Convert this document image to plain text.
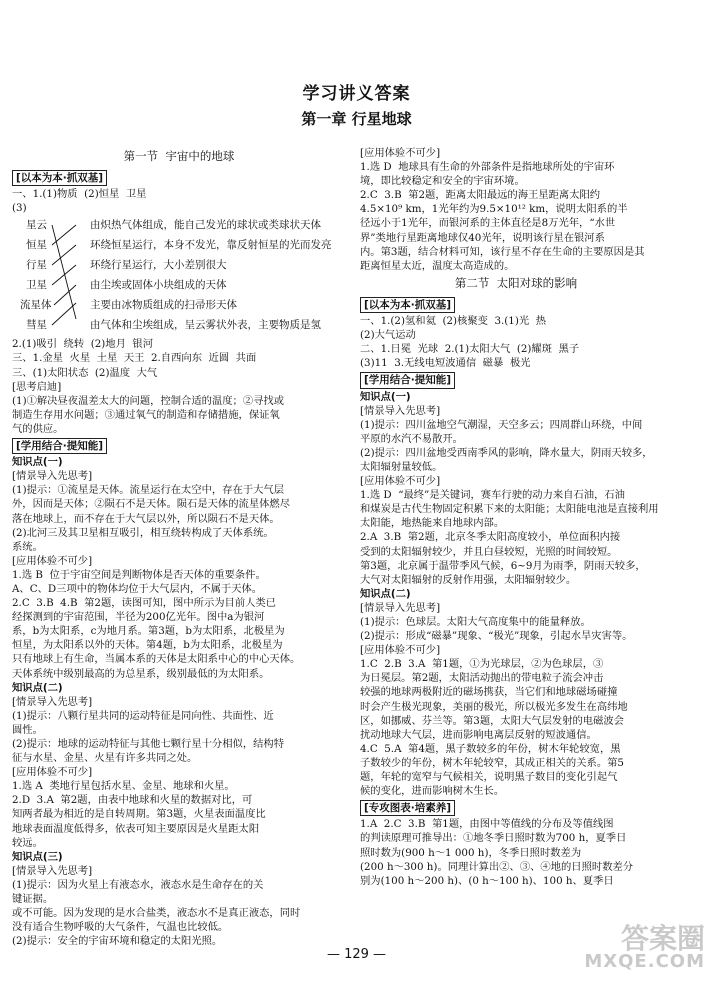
学习讲义答案
第一章 行星地球

第一节  宇宙中的地球

[以本为本·抓双基]

一、1.(1)物质  (2)恒星  卫星

(3)

星云
恒星
行星
卫星
流星体
彗星
由炽热气体组成，能自己发光的球状或类球状天体
环绕恒星运行，本身不发光，靠反射恒星的光而发亮
环绕行星运行，大小差别很大
由尘埃或固体小块组成的天体
主要由冰物质组成的扫帚形天体
由气体和尘埃组成，呈云雾状外表，主要物质是氢

2.(1)吸引  绕转  (2)地月  银河

三、1.金星  火星  土星  天王  2.自西向东  近圆  共面

三、(1)太阳状态  (2)温度  大气

[思考启迪]

(1)①解决昼夜温差太大的问题，控制合适的温度；②寻找或

制造生存用水问题；③通过氧气的制造和存储措施，保证氧

气的供应。

[学用结合·提知能]

知识点(一)

[情景导入先思考]

(1)提示：①流星是天体。流星运行在太空中，存在于大气层

外，因而是天体；②陨石不是天体。陨石是天体的流星体燃尽

落在地球上，而不存在于大气层以外，所以陨石不是天体。

(2)北河三及其卫星相互吸引，相互绕转构成了天体系统。

系统。

[应用体验不可少]

1.选 B  位于宇宙空间是判断物体是否天体的重要条件。

A、C、D三项中的物体均位于大气层内，不属于天体。

2.C  3.B  4.B  第2题，读图可知，图中所示为目前人类已

经探测到的宇宙范围，半径为200亿光年。图中a为银河

系，b为太阳系，c为地月系。第3题，b为太阳系，北极星为

恒星，为太阳系以外的天体。第4题，b为太阳系，北极星为

只有地球上有生命，当属本系的天体是太阳系中心的中心天体。

天体系统中级别最高的为总星系，级别最低的为太阳系。

知识点(二)

[情景导入先思考]

(1)提示：八颗行星共同的运动特征是同向性、共面性、近

圆性。

(2)提示：地球的运动特征与其他七颗行星十分相似，结构特

征与水星、金星、火星有许多共同之处。

[应用体验不可少]

1.选 A  类地行星包括水星、金星、地球和火星。

2.D  3.A  第2题，由表中地球和火星的数据对比，可

知两者最为相近的是自转周期。第3题，火星表面温度比

地球表面温度低得多，依表可知主要原因是火星距太阳

较远。

知识点(三)

[情景导入先思考]

(1)提示：因为火星上有液态水，液态水是生命存在的关

键证据。

或不可能。因为发现的是水合盐类，液态水不是真正液态，同时

没有适合生物呼吸的大气条件，气温也比较低。

(2)提示：安全的宇宙环境和稳定的太阳光照。

[应用体验不可少]

1.选 D  地球具有生命的外部条件是指地球所处的宇宙环

境，即比较稳定和安全的宇宙环境。

2.C  3.B  第2题，距离太阳最远的海王星距离太阳约

4.5×10⁹ km，1光年约为9.5×10¹² km，说明太阳系的半

径远小于1光年，而银河系的主体直径是8万光年，“水世

界”类地行星距离地球仅40光年，说明该行星在银河系

内。第3题，结合材料可知，该行星不存在生命的主要原因是其

距离恒星太近，温度太高造成的。

第二节  太阳对球的影响

[以本为本·抓双基]

一、1.(2)氢和氦  (2)核聚变  3.(1)光  热

(2)大气运动

二、1.日冕  光球  2.(1)太阳大气  (2)耀斑  黑子

(3)11  3.无线电短波通信  磁暴  极光

[学用结合·提知能]

知识点(一)

[情景导入先思考]

(1)提示：四川盆地空气潮湿，天空多云；四周群山环绕，中间

平原的水汽不易散开。

(2)提示：四川盆地受西南季风的影响，降水量大，阴雨天较多，

太阳辐射量较低。

[应用体验不可少]

1.选 D  “最终”是关键词，赛车行驶的动力来自石油，石油

和煤炭是古代生物固定积累下来的太阳能；太阳能电池是直接利用

太阳能，地热能来自地球内部。

2.A  3.B  第2题，北京冬季太阳高度较小，单位面积内接

受到的太阳辐射较少，并且白昼较短，光照的时间较短。

第3题，北京属于温带季风气候，6~9月为雨季，阴雨天较多，

大气对太阳辐射的反射作用强，太阳辐射较少。

知识点(二)

[情景导入先思考]

(1)提示：色球层。太阳大气高度集中的能量释放。

(2)提示：形成“磁暴”现象、“极光”现象，引起水旱灾害等。

[应用体验不可少]

1.C  2.B  3.A  第1题，①为光球层，②为色球层，③

为日冕层。第2题，太阳活动抛出的带电粒子流会冲击

较强的地球两极附近的磁场携获，当它们和地球磁场碰撞

时会产生极光现象，美丽的极光，所以极光多发生在高纬地

区，如挪威、芬兰等。第3题，太阳大气层发射的电磁波会

扰动地球大气层，进而影响电离层反射的短波通信。

4.C  5.A  第4题，黑子数较多的年份，树木年轮较宽，黑

子数较少的年份，树木年轮较窄，其成正相关的关系。第5

题，年轮的宽窄与气候相关，说明黑子数目的变化引起气

候的变化，进而影响树木生长。

[专攻图表·培素养]

1.A  2.C  3.B  第1题，由图中等值线的分布及等值线图

的判读原理可推导出：①地冬季日照时数为700 h，夏季日

照时数为(900 h～1 000 h)，冬季日照时数差为

(200 h～300 h)。同理计算出②、③、④地的日照时数差分

别为(100 h～200 h)、(0 h～100 h)、100 h、夏季日

— 129 —	答案圈
MXQE.COM
